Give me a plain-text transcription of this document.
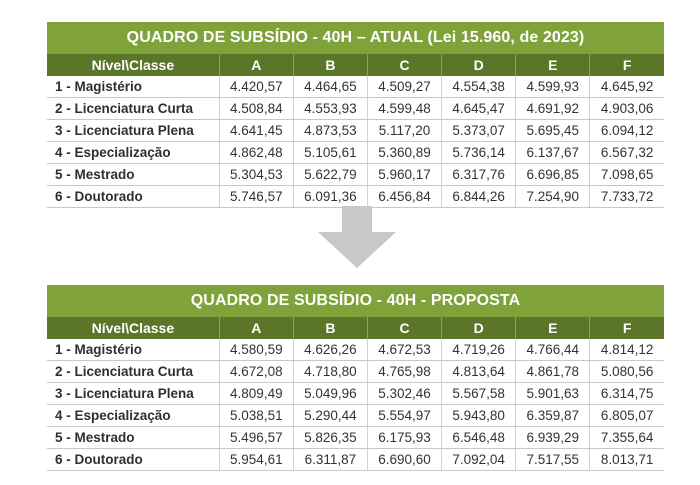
QUADRO DE SUBSÍDIO - 40H – ATUAL (Lei 15.960, de 2023)
Nível\Classe	A	B	C	D	E	F
1 - Magistério	4.420,57	4.464,65	4.509,27	4.554,38	4.599,93	4.645,92
2 - Licenciatura Curta	4.508,84	4.553,93	4.599,48	4.645,47	4.691,92	4.903,06
3 - Licenciatura Plena	4.641,45	4.873,53	5.117,20	5.373,07	5.695,45	6.094,12
4 - Especialização	4.862,48	5.105,61	5.360,89	5.736,14	6.137,67	6.567,32
5 - Mestrado	5.304,53	5.622,79	5.960,17	6.317,76	6.696,85	7.098,65
6 - Doutorado	5.746,57	6.091,36	6.456,84	6.844,26	7.254,90	7.733,72
QUADRO DE SUBSÍDIO - 40H - PROPOSTA
Nível\Classe	A	B	C	D	E	F
1 - Magistério	4.580,59	4.626,26	4.672,53	4.719,26	4.766,44	4.814,12
2 - Licenciatura Curta	4.672,08	4.718,80	4.765,98	4.813,64	4.861,78	5.080,56
3 - Licenciatura Plena	4.809,49	5.049,96	5.302,46	5.567,58	5.901,63	6.314,75
4 - Especialização	5.038,51	5.290,44	5.554,97	5.943,80	6.359,87	6.805,07
5 - Mestrado	5.496,57	5.826,35	6.175,93	6.546,48	6.939,29	7.355,64
6 - Doutorado	5.954,61	6.311,87	6.690,60	7.092,04	7.517,55	8.013,71
